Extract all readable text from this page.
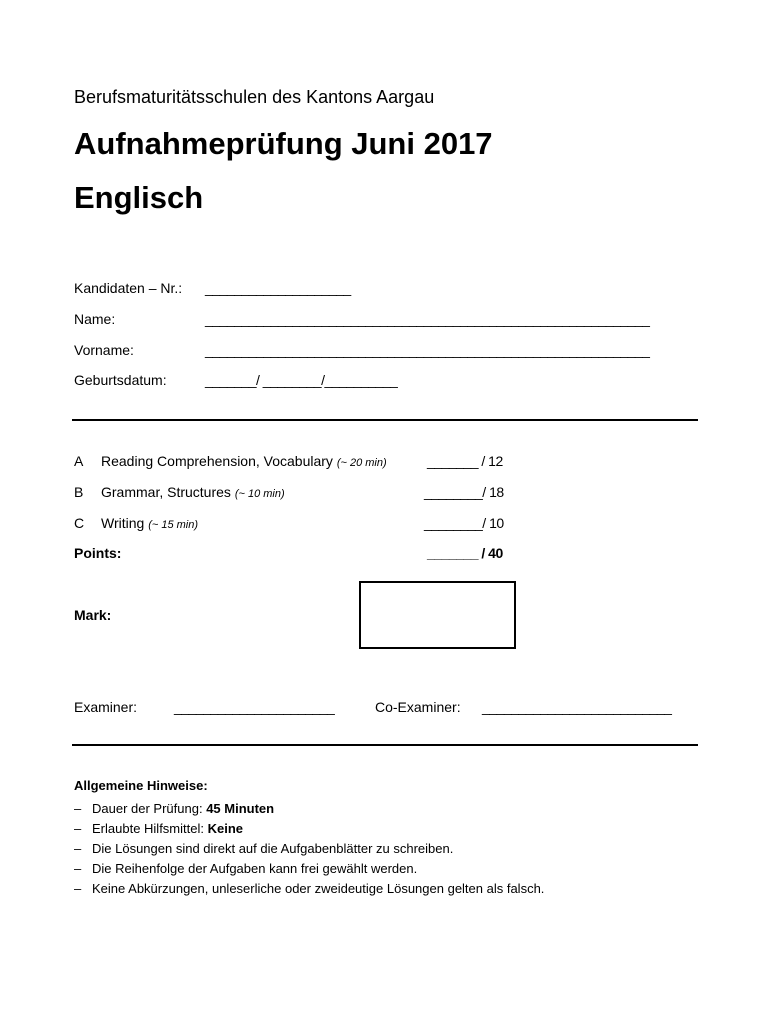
Berufsmaturitätsschulen des Kantons Aargau
Aufnahmeprüfung Juni 2017
Englisch
Kandidaten – Nr.: ____________________
Name:	_____________________________________________________________
Vorname:	_____________________________________________________________
Geburtsdatum:	_______/ ________/__________
A Reading Comprehension, Vocabulary (~ 20 min)	_______ / 12
B Grammar, Structures (~ 10 min)	________/ 18
C Writing (~ 15 min)	________/ 10
Points:	_______ / 40
Mark:
Examiner:	______________________	Co-Examiner: __________________________
Allgemeine Hinweise:
– Dauer der Prüfung: 45 Minuten
– Erlaubte Hilfsmittel: Keine
– Die Lösungen sind direkt auf die Aufgabenblätter zu schreiben.
– Die Reihenfolge der Aufgaben kann frei gewählt werden.
– Keine Abkürzungen, unleserliche oder zweideutige Lösungen gelten als falsch.
